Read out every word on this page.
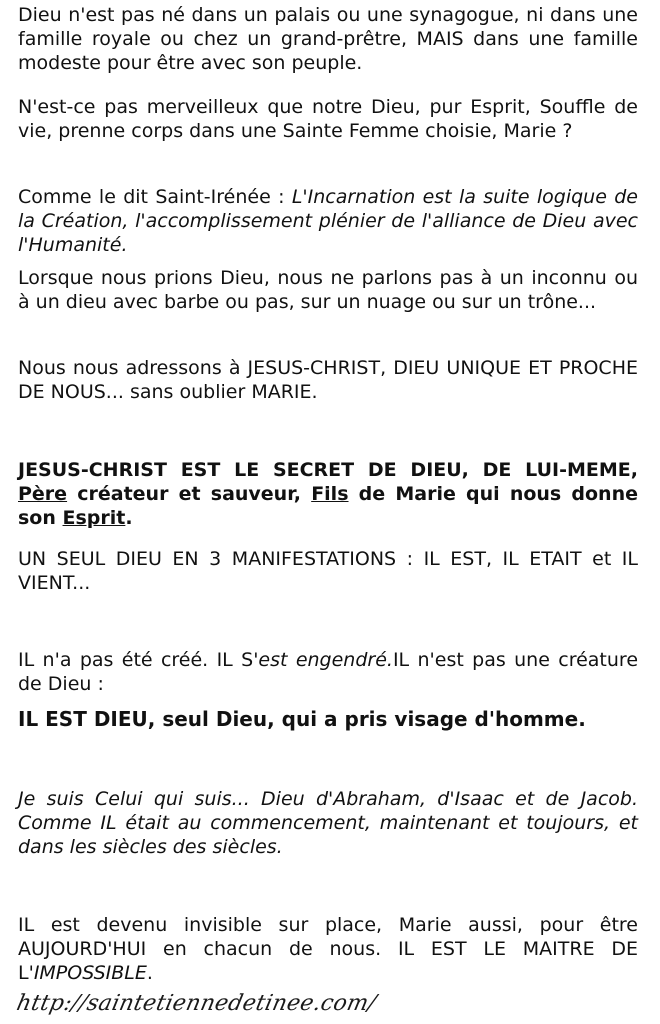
Dieu n'est pas né dans un palais ou une synagogue, ni dans une famille royale ou chez un grand-prêtre, MAIS dans une famille modeste pour être avec son peuple.

N'est-ce pas merveilleux que notre Dieu, pur Esprit, Souffle de vie, prenne corps dans une Sainte Femme choisie, Marie ?

Comme le dit Saint-Irénée : L'Incarnation est la suite logique de la Création, l'accomplissement plénier de l'alliance de Dieu avec l'Humanité.

Lorsque nous prions Dieu, nous ne parlons pas à un inconnu ou à un dieu avec barbe ou pas, sur un nuage ou sur un trône...

Nous nous adressons à JESUS-CHRIST, DIEU UNIQUE ET PROCHE DE NOUS... sans oublier MARIE.

JESUS-CHRIST EST LE SECRET DE DIEU, DE LUI-MEME, Père créateur et sauveur, Fils de Marie qui nous donne son Esprit.

UN SEUL DIEU EN 3 MANIFESTATIONS : IL EST, IL ETAIT et IL VIENT...

IL n'a pas été créé. IL S'est engendré.IL n'est pas une créature de Dieu :

IL EST DIEU, seul Dieu, qui a pris visage d'homme.

Je suis Celui qui suis... Dieu d'Abraham, d'Isaac et de Jacob. Comme IL était au commencement, maintenant et toujours, et dans les siècles des siècles.

IL est devenu invisible sur place, Marie aussi, pour être AUJOURD'HUI en chacun de nous. IL EST LE MAITRE DE L'IMPOSSIBLE.

http://saintetiennedetinee.com/
